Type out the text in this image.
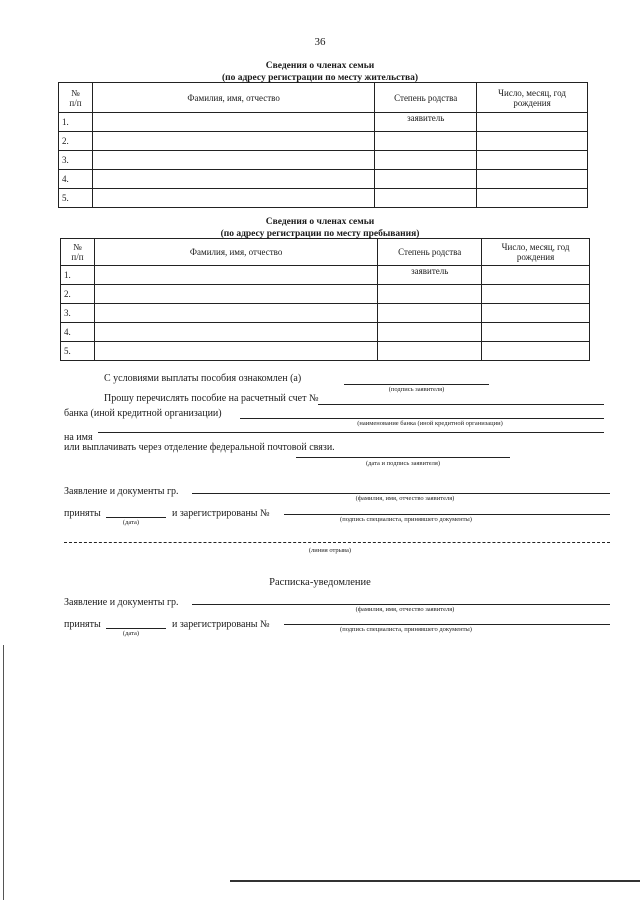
36
Сведения о членах семьи
(по адресу регистрации по месту жительства)
№
п/п	Фамилия, имя, отчество	Степень родства	Число, месяц, год
рождения
1.		заявитель	
2.			
3.			
4.			
5.			
Сведения о членах семьи
(по адресу регистрации по месту пребывания)
№
п/п	Фамилия, имя, отчество	Степень родства	Число, месяц, год
рождения
1.		заявитель	
2.			
3.			
4.			
5.			
С условиями выплаты пособия ознакомлен (а)
(подпись заявителя)
Прошу перечислять пособие на расчетный счет №
банка (иной кредитной организации)
(наименование банка (иной кредитной организации)
на имя
или выплачивать через отделение федеральной почтовой связи.
(дата и подпись заявителя)
Заявление и документы гр.
(фамилия, имя, отчество заявителя)
приняты
(дата)
и зарегистрированы №
(подпись специалиста, принявшего документы)
(линия отрыва)
Расписка-уведомление
Заявление и документы гр.
(фамилия, имя, отчество заявителя)
приняты
(дата)
и зарегистрированы №	(подпись специалиста, принявшего документы)
